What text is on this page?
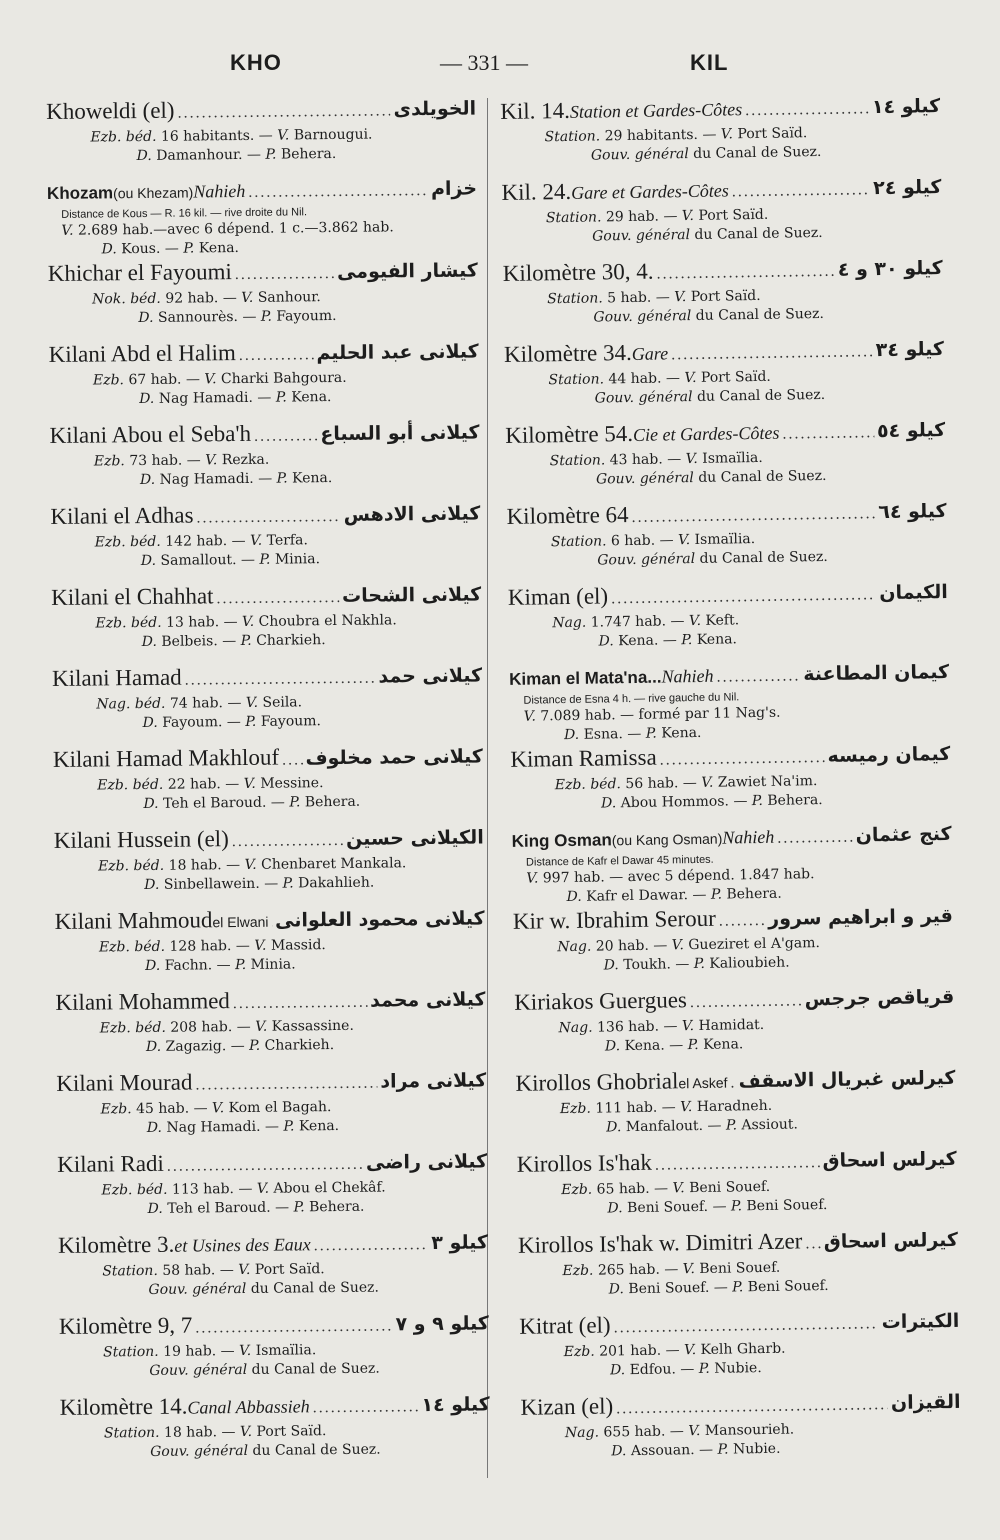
KHO	— 331 —	KIL
Khoweldi (el) .....	الخويلدى
Ezb. béd. 16 habitants. — V. Barnougui.
D. Damanhour. — P. Behera.
Khozam (ou Khezam) Nahieh .....	خزام
Distance de Kous — R. 16 kil. — rive droite du Nil.
V. 2.689 hab.—avec 6 dépend. 1 c.—3.862 hab.
D. Kous. — P. Kena.
Khichar el Fayoumi .....	كيشار الفيومى
Nok. béd. 92 hab. — V. Sanhour.
D. Sannourès. — P. Fayoum.
Kilani Abd el Halim .....	كيلانى عبد الحليم
Ezb. 67 hab. — V. Charki Bahgoura.
D. Nag Hamadi. — P. Kena.
Kilani Abou el Seba'h .....	كيلانى أبو السباع
Ezb. 73 hab. — V. Rezka.
D. Nag Hamadi. — P. Kena.
Kilani el Adhas .....	كيلانى الادهس
Ezb. béd. 142 hab. — V. Terfa.
D. Samallout. — P. Minia.
Kilani el Chahhat .....	كيلانى الشحات
Ezb. béd. 13 hab. — V. Choubra el Nakhla.
D. Belbeis. — P. Charkieh.
Kilani Hamad .....	كيلانى حمد
Nag. béd. 74 hab. — V. Seila.
D. Fayoum. — P. Fayoum.
Kilani Hamad Makhlouf ..... كيلانى حمد مخلوف
Ezb. béd. 22 hab. — V. Messine.
D. Teh el Baroud. — P. Behera.
Kilani Hussein (el) .....	الكيلانى حسين
Ezb. béd. 18 hab. — V. Chenbaret Mankala.
D. Sinbellawein. — P. Dakahlieh.
Kilani Mahmoud el Elwani ..... كيلانى محمود العلوانى
Ezb. béd. 128 hab. — V. Massid.
D. Fachn. — P. Minia.
Kilani Mohammed .....	كيلانى محمد
Ezb. béd. 208 hab. — V. Kassassine.
D. Zagazig. — P. Charkieh.
Kilani Mourad .....	كيلانى مراد
Ezb. 45 hab. — V. Kom el Bagah.
D. Nag Hamadi. — P. Kena.
Kilani Radi .....	كيلانى راضى
Ezb. béd. 113 hab. — V. Abou el Chekâf.
D. Teh el Baroud. — P. Behera.
Kilomètre 3. et Usines des Eaux .....	كيلو ٣
Station. 58 hab. — V. Port Saïd.
Gouv. général du Canal de Suez.
Kilomètre 9, 7 .....	كيلو ٩ و ٧
Station. 19 hab. — V. Ismaïlia.
Gouv. général du Canal de Suez.
Kilomètre 14. Canal Abbassieh .....	كيلو ١٤
Station. 18 hab. — V. Port Saïd.
Gouv. général du Canal de Suez.
Kil. 14. Station et Gardes-Côtes .....	كيلو ١٤
Station. 29 habitants. — V. Port Saïd.
Gouv. général du Canal de Suez.
Kil. 24. Gare et Gardes-Côtes .....	كيلو ٢٤
Station. 29 hab. — V. Port Saïd.
Gouv. général du Canal de Suez.
Kilomètre 30, 4. .....	كيلو ٣٠ و ٤
Station. 5 hab. — V. Port Saïd.
Gouv. général du Canal de Suez.
Kilomètre 34. Gare .....	كيلو ٣٤
Station. 44 hab. — V. Port Saïd.
Gouv. général du Canal de Suez.
Kilomètre 54. Cie et Gardes-Côtes .....	كيلو ٥٤
Station. 43 hab. — V. Ismaïlia.
Gouv. général du Canal de Suez.
Kilomètre 64 .....	كيلو ٦٤
Station. 6 hab. — V. Ismaïlia.
Gouv. général du Canal de Suez.
Kiman (el) .....	الكيمان
Nag. 1.747 hab. — V. Keft.
D. Kena. — P. Kena.
Kiman el Mata'na... Nahieh .....	كيمان المطاعنة
Distance de Esna 4 h. — rive gauche du Nil.
V. 7.089 hab. — formé par 11 Nag's.
D. Esna. — P. Kena.
Kiman Ramissa .....	كيمان رميسه
Ezb. béd. 56 hab. — V. Zawiet Na'im.
D. Abou Hommos. — P. Behera.
King Osman (ou Kang Osman) Nahieh .....	كنج عثمان
Distance de Kafr el Dawar 45 minutes.
V. 997 hab. — avec 5 dépend. 1.847 hab.
D. Kafr el Dawar. — P. Behera.
Kir w. Ibrahim Serour .....	قير و ابراهيم سرور
Nag. 20 hab. — V. Gueziret el A'gam.
D. Toukh. — P. Kalioubieh.
Kiriakos Guergues .....	قرياقص جرجس
Nag. 136 hab. — V. Hamidat.
D. Kena. — P. Kena.
Kirollos Ghobrial el Askef ..... كيرلس غبريال الاسقف
Ezb. 111 hab. — V. Haradneh.
D. Manfalout. — P. Assiout.
Kirollos Is'hak .....	كيرلس اسحاق
Ezb. 65 hab. — V. Beni Souef.
D. Beni Souef. — P. Beni Souef.
Kirollos Is'hak w. Dimitri Azer ..... كيرلس اسحاق
Ezb. 265 hab. — V. Beni Souef.
D. Beni Souef. — P. Beni Souef.
Kitrat (el) .....	الكيترات
Ezb. 201 hab. — V. Kelh Gharb.
D. Edfou. — P. Nubie.
Kizan (el) .....	القيزان
Nag. 655 hab. — V. Mansourieh.
D. Assouan. — P. Nubie.
